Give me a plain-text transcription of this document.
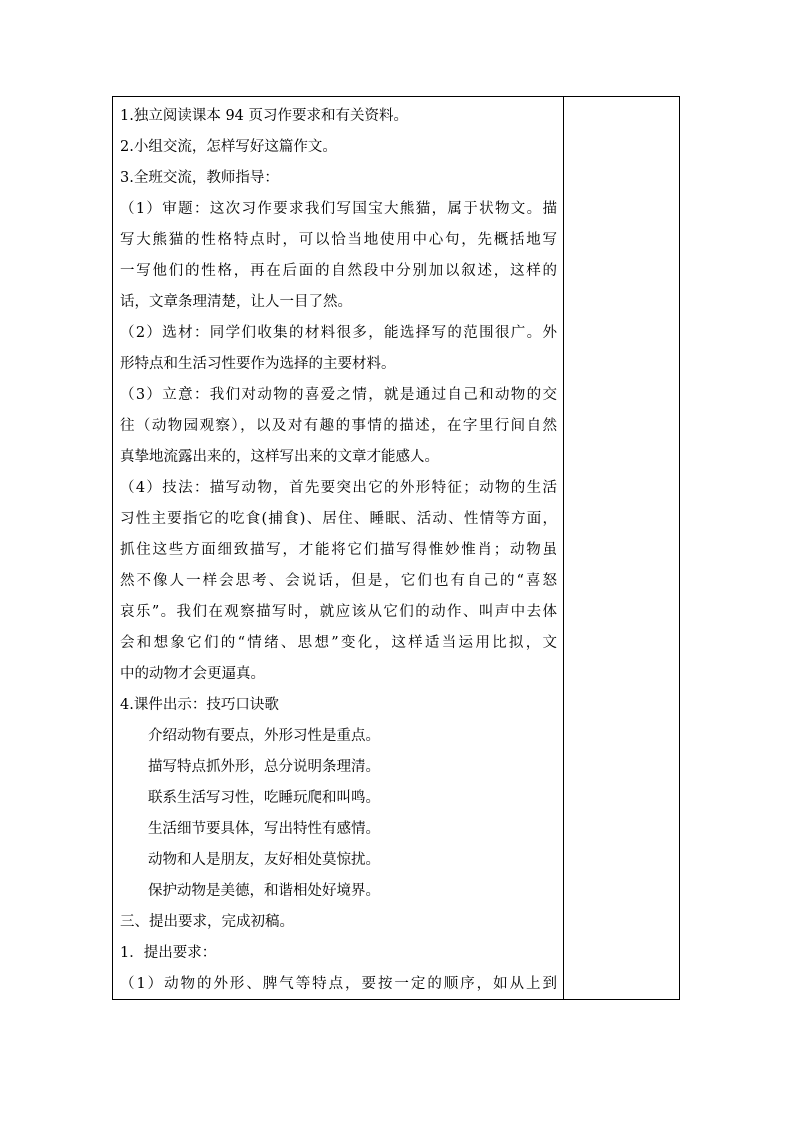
1.独立阅读课本 94 页习作要求和有关资料。

2.小组交流，怎样写好这篇作文。

3.全班交流，教师指导：

（1）审题：这次习作要求我们写国宝大熊猫，属于状物文。描

写大熊猫的性格特点时，可以恰当地使用中心句，先概括地写

一写他们的性格，再在后面的自然段中分别加以叙述，这样的

话，文章条理清楚，让人一目了然。

（2）选材：同学们收集的材料很多，能选择写的范围很广。外

形特点和生活习性要作为选择的主要材料。

（3）立意：我们对动物的喜爱之情，就是通过自己和动物的交

往（动物园观察），以及对有趣的事情的描述，在字里行间自然

真挚地流露出来的，这样写出来的文章才能感人。

（4）技法：描写动物，首先要突出它的外形特征；动物的生活

习性主要指它的吃食(捕食)、居住、睡眠、活动、性情等方面，

抓住这些方面细致描写，才能将它们描写得惟妙惟肖；动物虽

然不像人一样会思考、会说话，但是，它们也有自己的“喜怒

哀乐”。我们在观察描写时，就应该从它们的动作、叫声中去体

会和想象它们的“情绪、思想”变化，这样适当运用比拟，文

中的动物才会更逼真。

4.课件出示：技巧口诀歌

介绍动物有要点，外形习性是重点。

描写特点抓外形，总分说明条理清。

联系生活写习性，吃睡玩爬和叫鸣。

生活细节要具体，写出特性有感情。

动物和人是朋友，友好相处莫惊扰。

保护动物是美德，和谐相处好境界。

三、提出要求，完成初稿。

1．提出要求：

（1）动物的外形、脾气等特点，要按一定的顺序，如从上到
